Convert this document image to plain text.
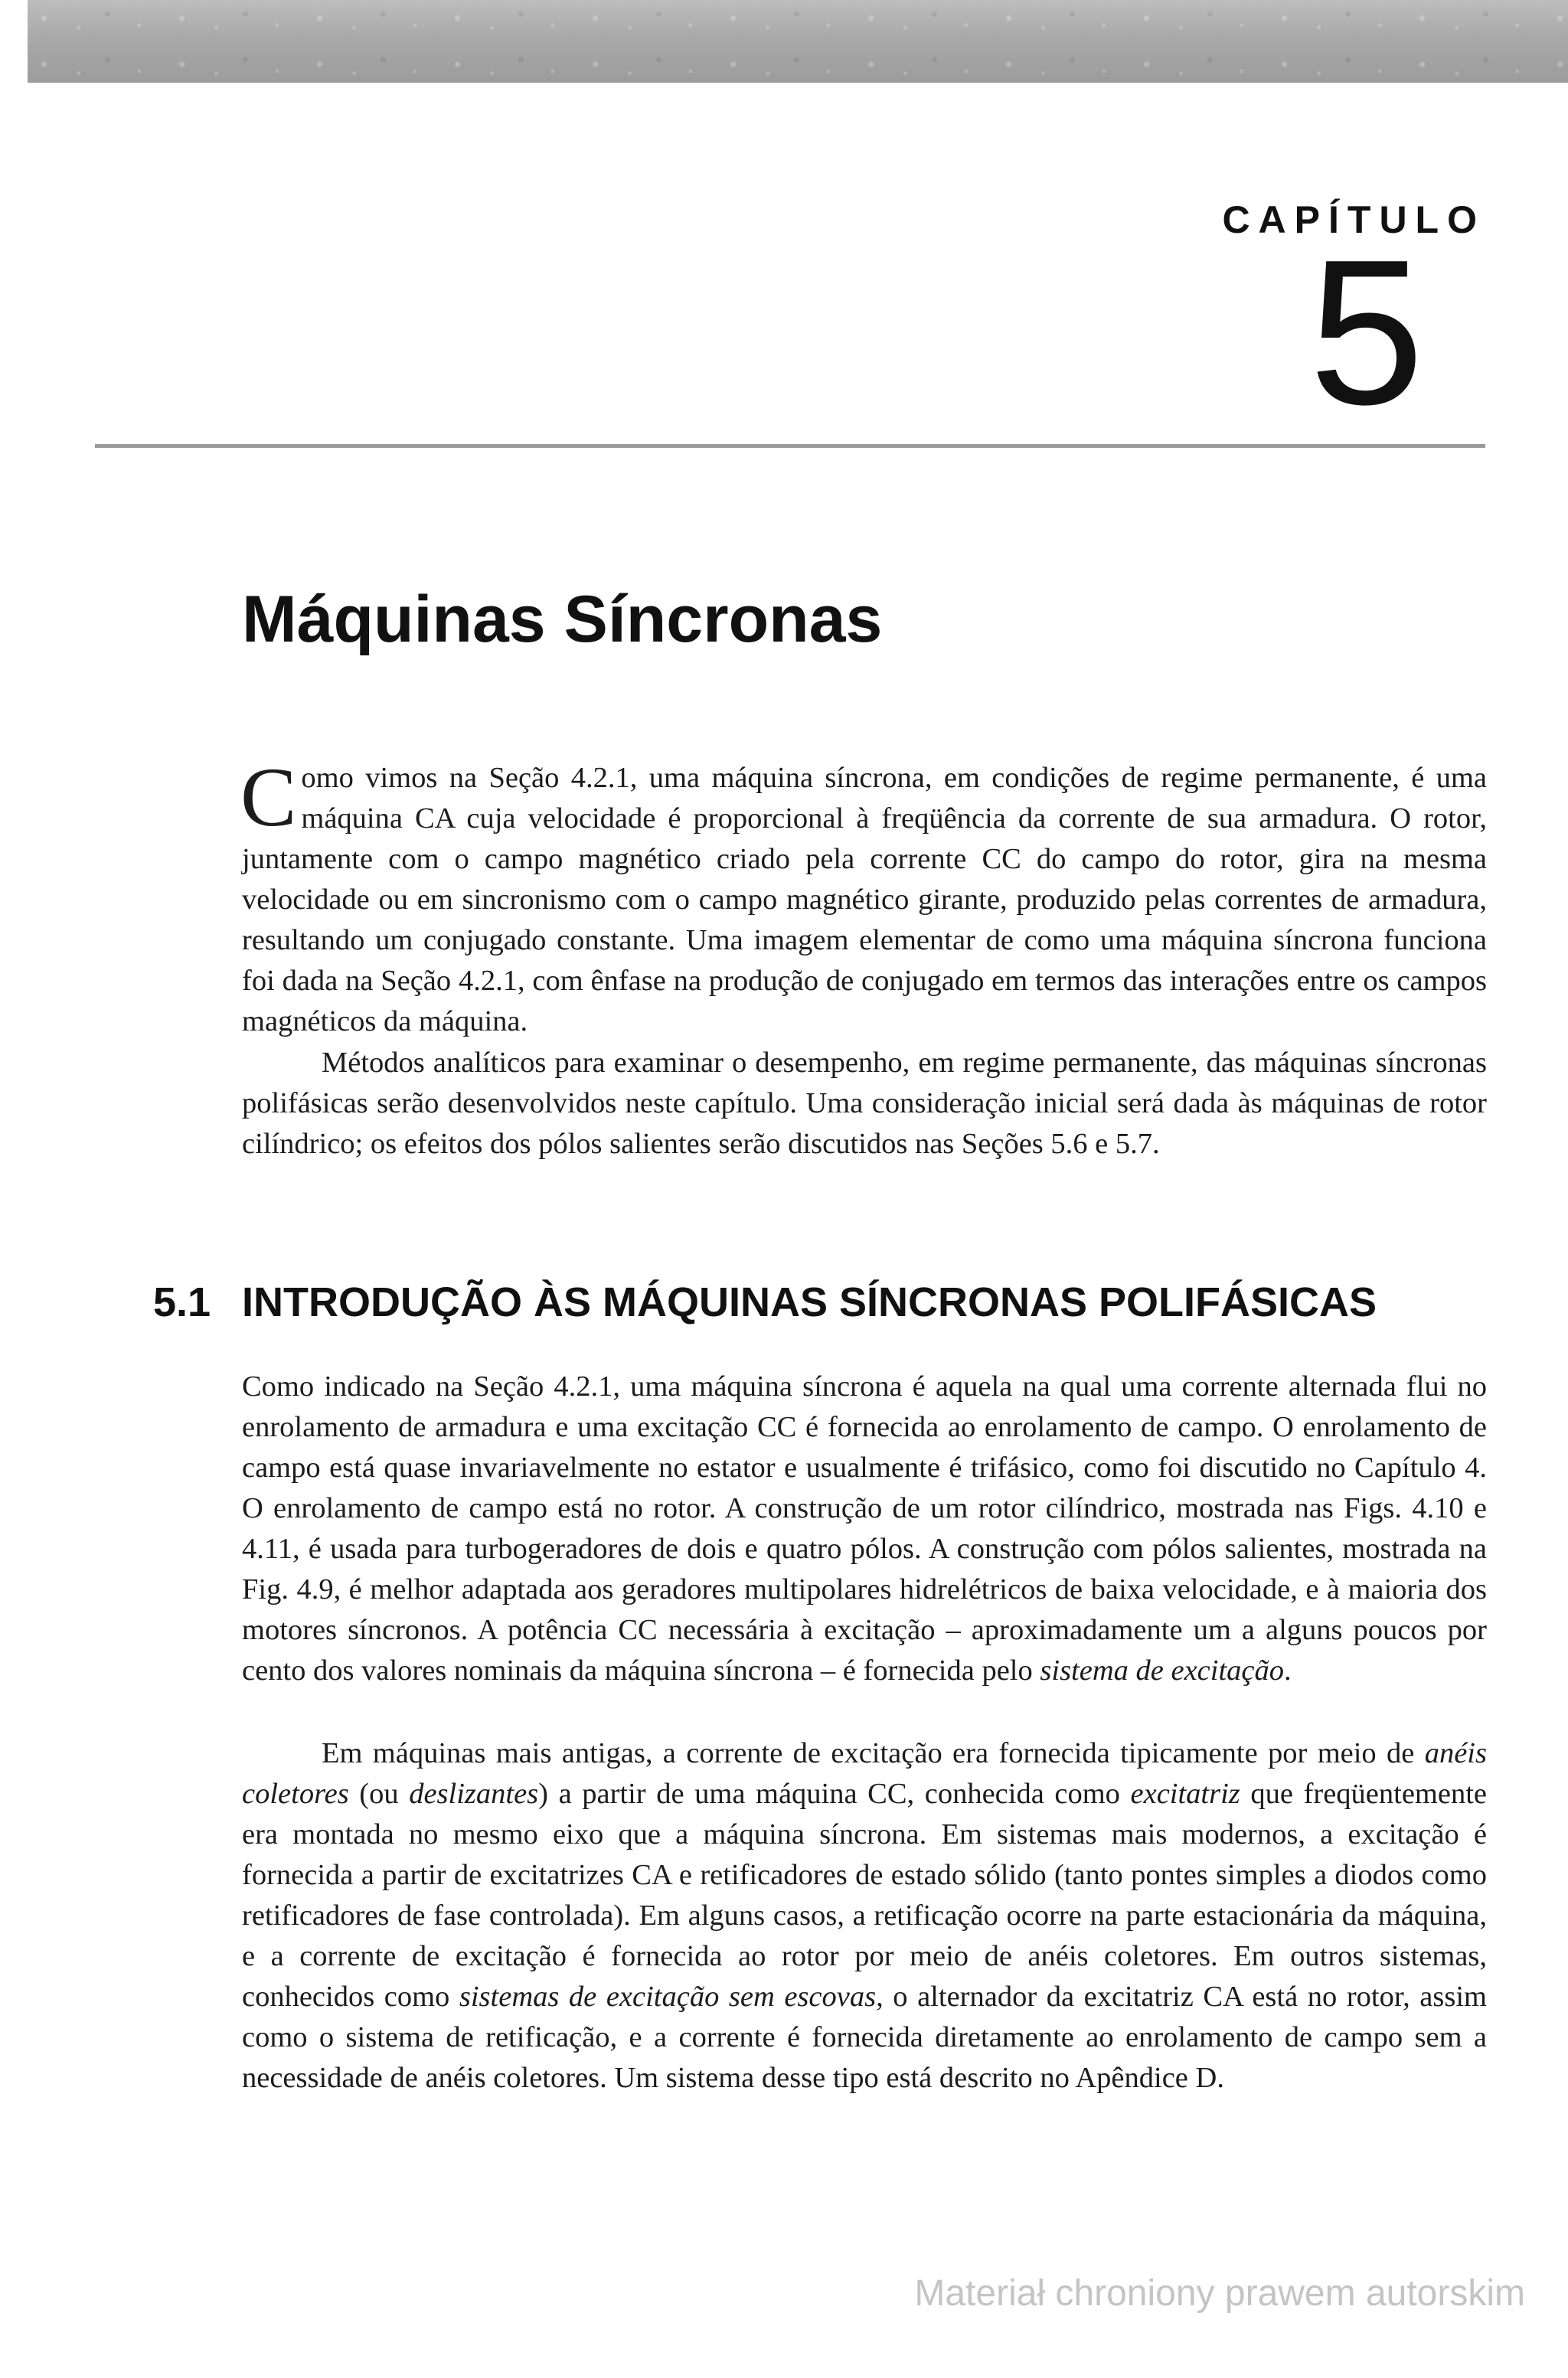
CAPÍTULO
5
Máquinas Síncronas

Como vimos na Seção 4.2.1, uma máquina síncrona, em condições de regime permanente, é uma máquina CA cuja velocidade é proporcional à freqüência da corrente de sua armadura. O rotor, juntamente com o campo magnético criado pela corrente CC do campo do rotor, gira na mesma velocidade ou em sincronismo com o campo magnético girante, produzido pelas correntes de armadura, resultando um conjugado constante. Uma imagem elementar de como uma máquina síncrona funciona foi dada na Seção 4.2.1, com ênfase na produção de conjugado em termos das interações entre os campos magnéticos da máquina.

Métodos analíticos para examinar o desempenho, em regime permanente, das máquinas síncronas polifásicas serão desenvolvidos neste capítulo. Uma consideração inicial será dada às máquinas de rotor cilíndrico; os efeitos dos pólos salientes serão discutidos nas Seções 5.6 e 5.7.

5.1 INTRODUÇÃO ÀS MÁQUINAS SÍNCRONAS POLIFÁSICAS

Como indicado na Seção 4.2.1, uma máquina síncrona é aquela na qual uma corrente alternada flui no enrolamento de armadura e uma excitação CC é fornecida ao enrolamento de campo. O enrolamento de campo está quase invariavelmente no estator e usualmente é trifásico, como foi discutido no Capítulo 4. O enrolamento de campo está no rotor. A construção de um rotor cilíndrico, mostrada nas Figs. 4.10 e 4.11, é usada para turbogeradores de dois e quatro pólos. A construção com pólos salientes, mostrada na Fig. 4.9, é melhor adaptada aos geradores multipolares hidrelétricos de baixa velocidade, e à maioria dos motores síncronos. A potência CC necessária à excitação – aproximadamente um a alguns poucos por cento dos valores nominais da máquina síncrona – é fornecida pelo sistema de excitação.

Em máquinas mais antigas, a corrente de excitação era fornecida tipicamente por meio de anéis coletores (ou deslizantes) a partir de uma máquina CC, conhecida como excitatriz que freqüentemente era montada no mesmo eixo que a máquina síncrona. Em sistemas mais modernos, a excitação é fornecida a partir de excitatrizes CA e retificadores de estado sólido (tanto pontes simples a diodos como retificadores de fase controlada). Em alguns casos, a retificação ocorre na parte estacionária da máquina, e a corrente de excitação é fornecida ao rotor por meio de anéis coletores. Em outros sistemas, conhecidos como sistemas de excitação sem escovas, o alternador da excitatriz CA está no rotor, assim como o sistema de retificação, e a corrente é fornecida diretamente ao enrolamento de campo sem a necessidade de anéis coletores. Um sistema desse tipo está descrito no Apêndice D.

Materiał chroniony prawem autorskim
